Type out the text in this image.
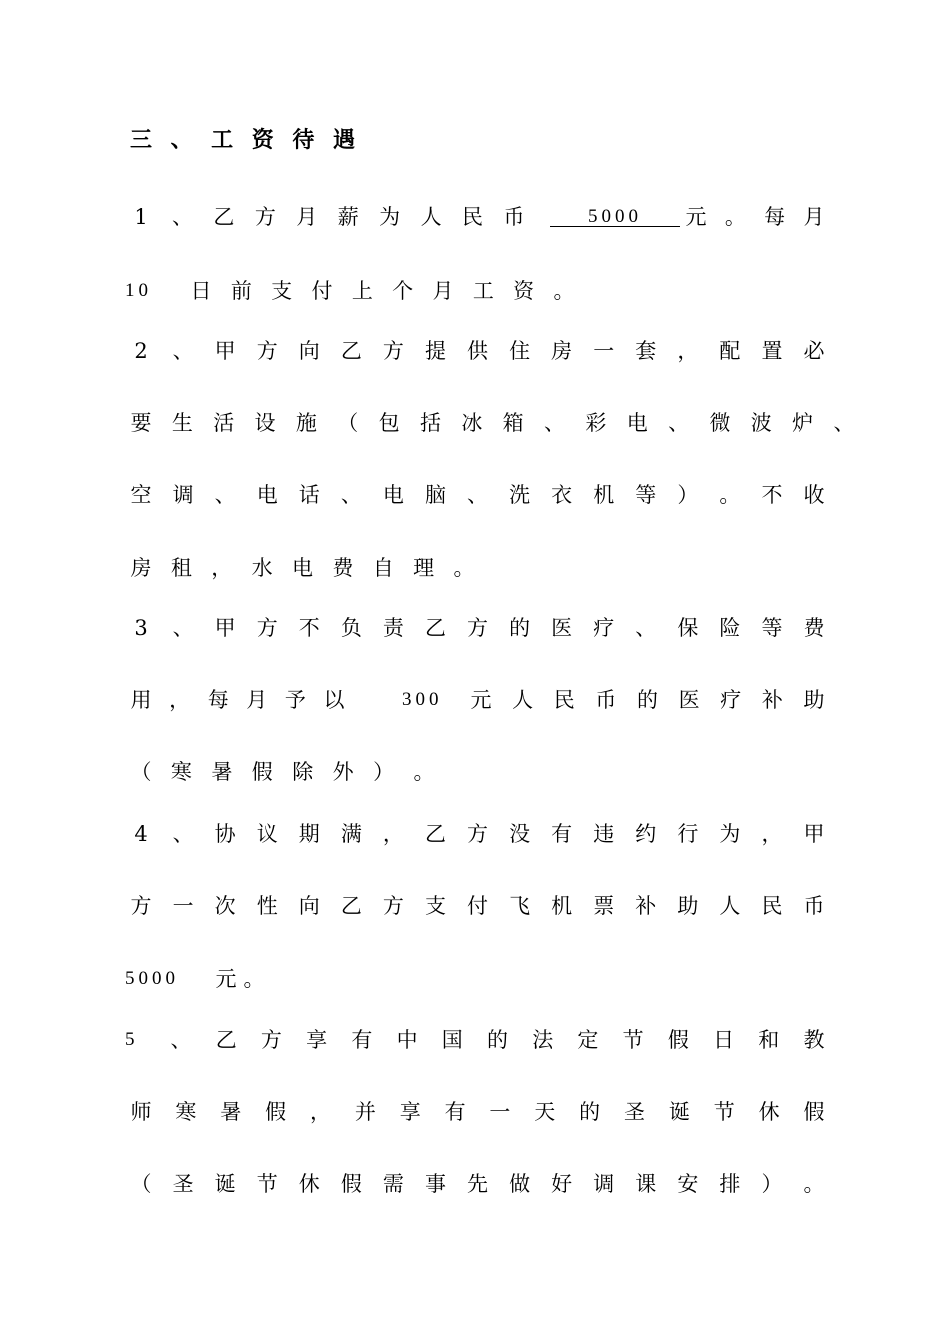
三 、 工 资 待 遇
1	、 乙 方 月 薪 为 人 民 币	5000	元 。 每 月
10 日 前 支 付 上 个 月 工 资 。
2	、 甲 方 向 乙 方 提 供 住 房 一 套 ， 配 置 必
要 生 活 设 施 （ 包 括 冰 箱 、 彩 电 、 微 波 炉 、
空 调 、 电 话 、 电 脑 、 洗 衣 机 等 ） 。 不 收
房 租 ， 水 电 费 自 理 。
3	、 甲 方 不 负 责 乙 方 的 医 疗 、 保 险 等 费
用 ， 每 月 予 以	300 元 人 民 币 的 医 疗 补 助
（ 寒 暑 假 除 外 ） 。
4	、 协 议 期 满 ， 乙 方 没 有 违 约 行 为 ， 甲
方 一 次 性 向 乙 方 支 付 飞 机 票 补 助 人 民 币
5000 元 。
5 、 乙 方 享 有 中 国 的 法 定 节 假 日 和 教
师 寒 暑 假 ， 并 享 有 一 天 的 圣 诞 节 休 假
（ 圣 诞 节 休 假 需 事 先 做 好 调 课 安 排 ） 。
